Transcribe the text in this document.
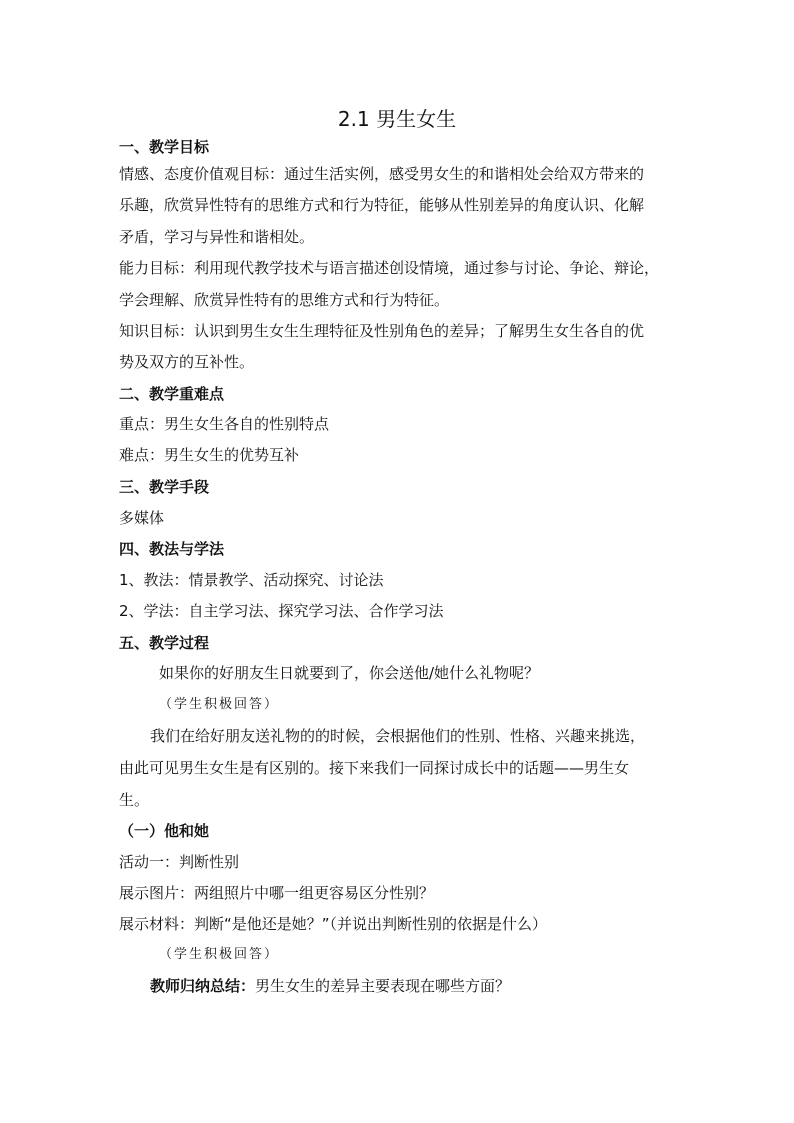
2.1 男生女生
一、教学目标
情感、态度价值观目标：通过生活实例，感受男女生的和谐相处会给双方带来的
乐趣，欣赏异性特有的思维方式和行为特征，能够从性别差异的角度认识、化解
矛盾，学习与异性和谐相处。
能力目标：利用现代教学技术与语言描述创设情境，通过参与讨论、争论、辩论，
学会理解、欣赏异性特有的思维方式和行为特征。
知识目标：认识到男生女生生理特征及性别角色的差异；了解男生女生各自的优
势及双方的互补性。
二、教学重难点
重点：男生女生各自的性别特点
难点：男生女生的优势互补
三、教学手段
多媒体
四、教法与学法
1、教法：情景教学、活动探究、讨论法
2、学法：自主学习法、探究学习法、合作学习法
五、教学过程
如果你的好朋友生日就要到了，你会送他/她什么礼物呢？
（学生积极回答）
我们在给好朋友送礼物的的时候，会根据他们的性别、性格、兴趣来挑选，
由此可见男生女生是有区别的。接下来我们一同探讨成长中的话题——男生女
生。
（一）他和她
活动一：判断性别
展示图片：两组照片中哪一组更容易区分性别？
展示材料：判断“是他还是她？”（并说出判断性别的依据是什么）
（学生积极回答）
教师归纳总结：男生女生的差异主要表现在哪些方面？
